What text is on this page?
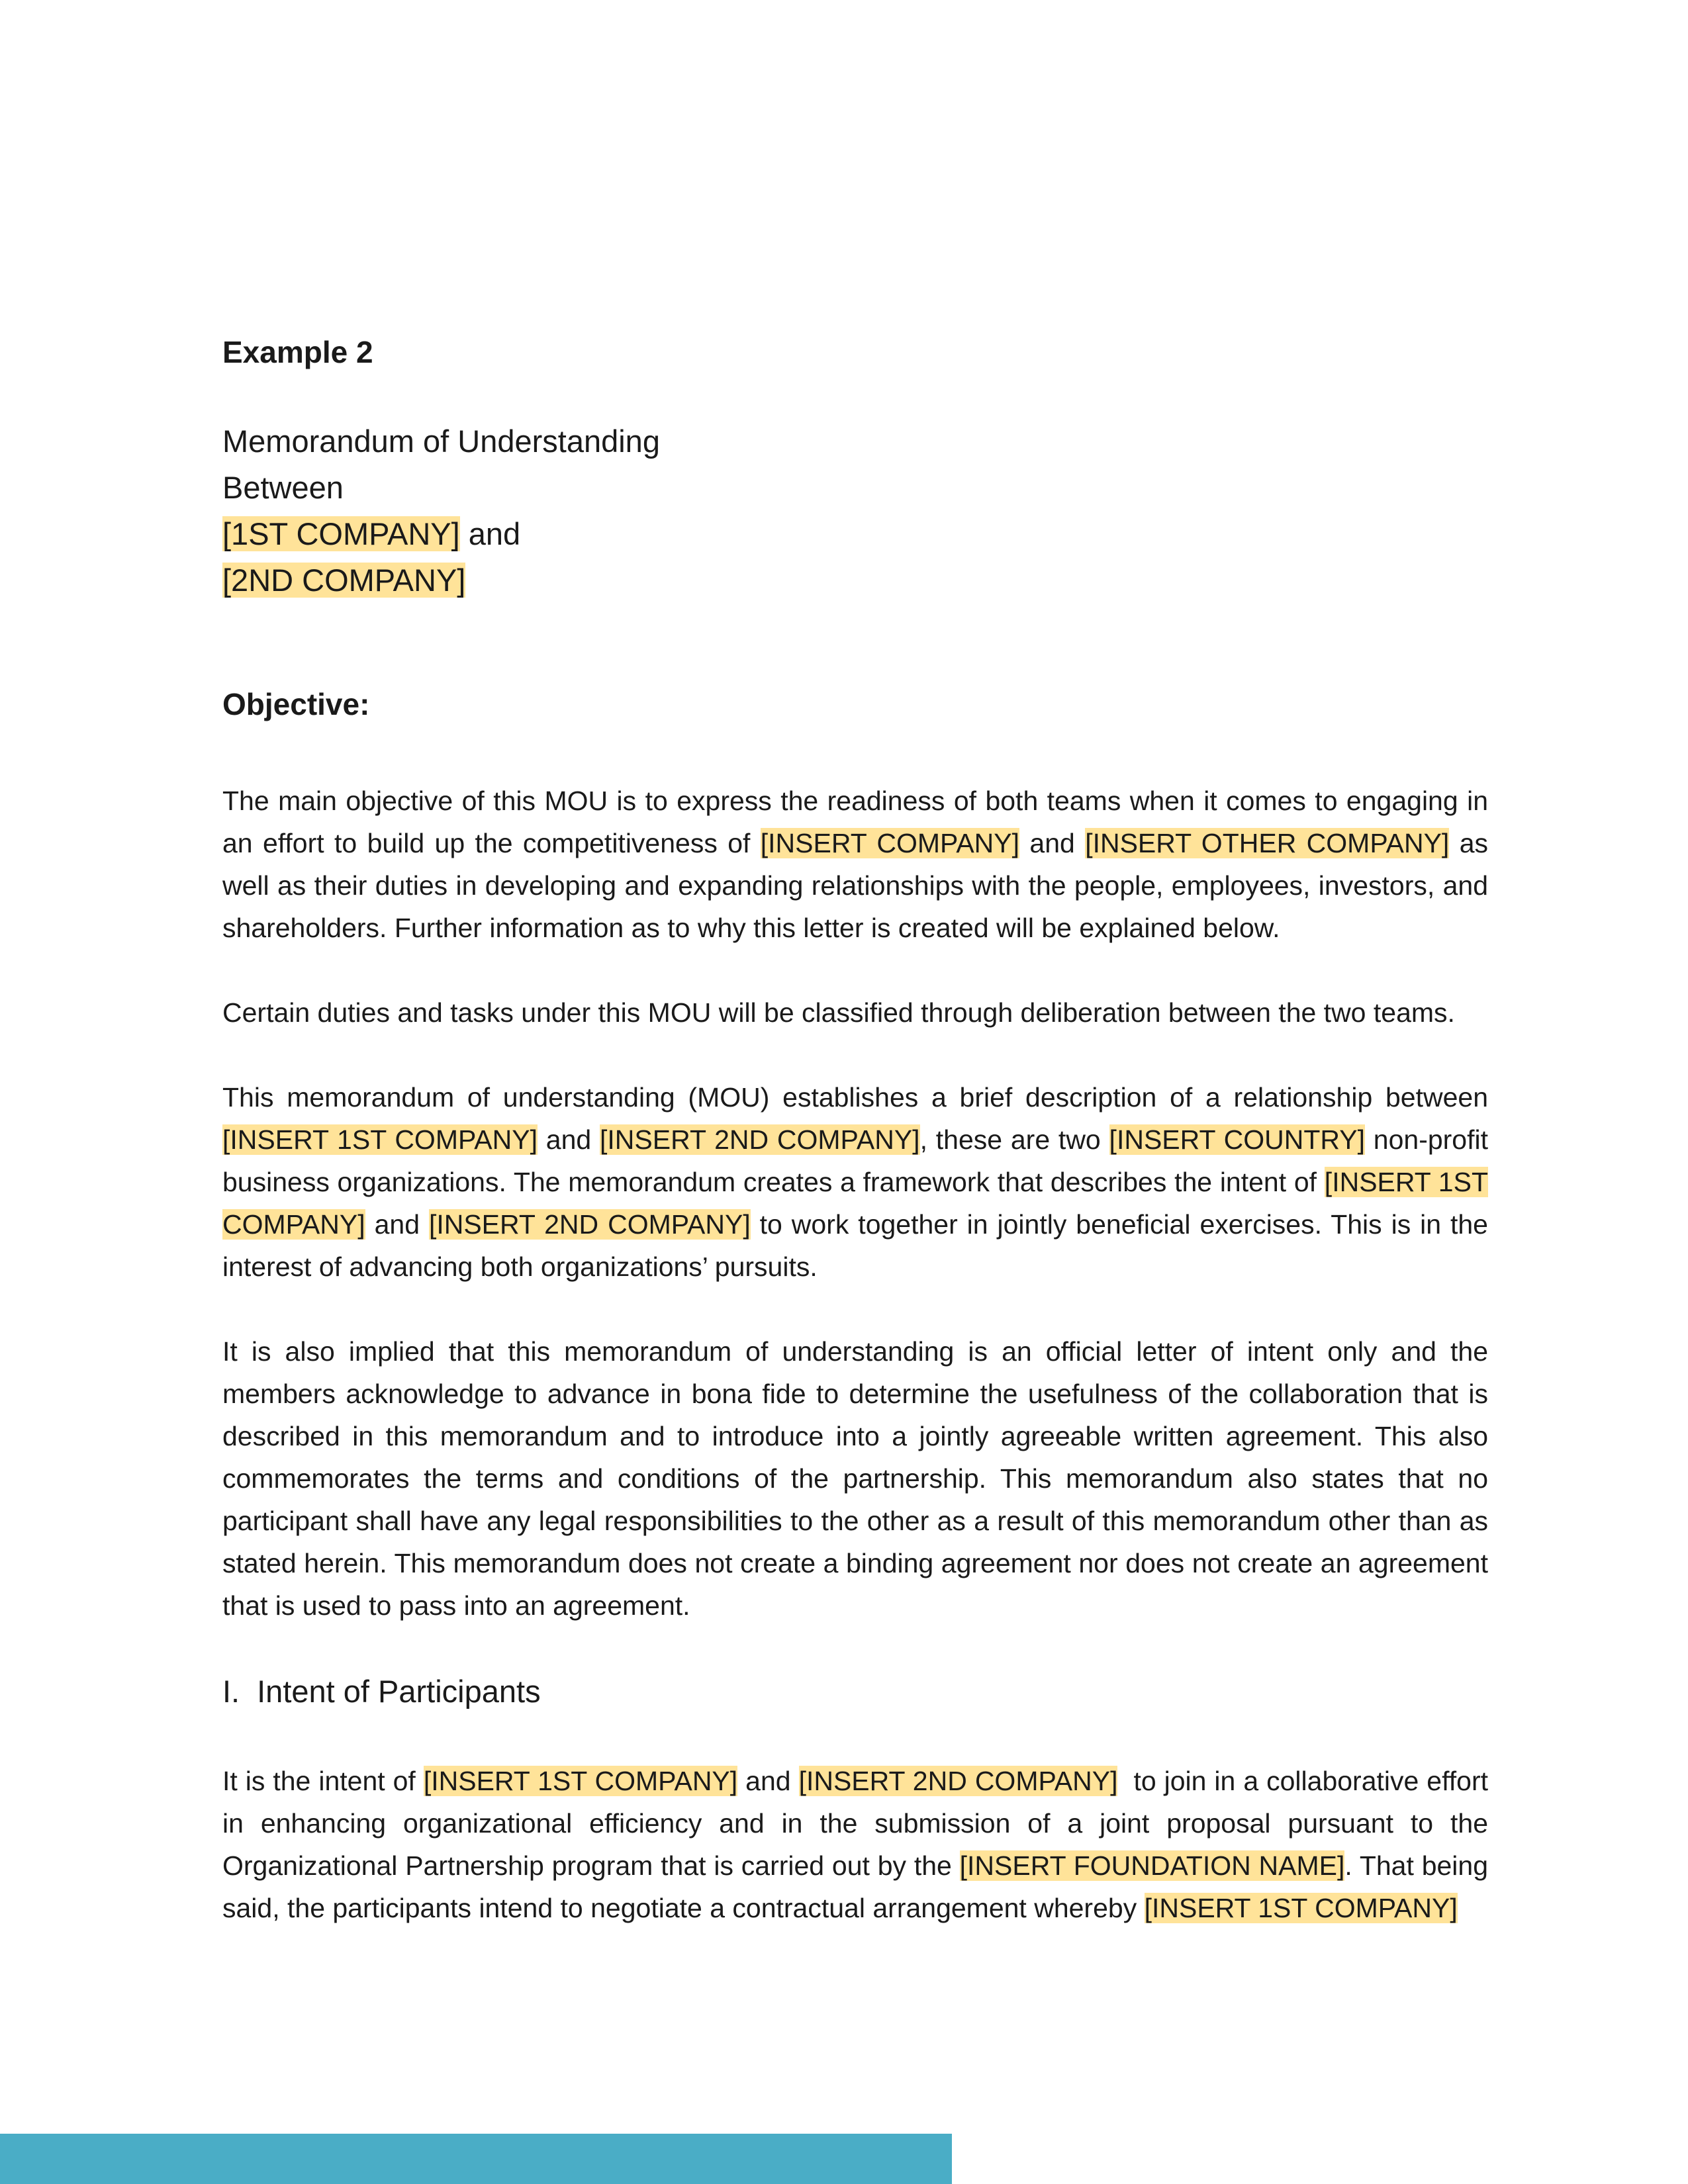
Example 2
Memorandum of Understanding
Between
[1ST COMPANY] and
[2ND COMPANY]
Objective:

The main objective of this MOU is to express the readiness of both teams when it comes to engaging in an effort to build up the competitiveness of [INSERT COMPANY] and [INSERT OTHER COMPANY] as well as their duties in developing and expanding relationships with the people, employees, investors, and shareholders. Further information as to why this letter is created will be explained below.

Certain duties and tasks under this MOU will be classified through deliberation between the two teams.

This memorandum of understanding (MOU) establishes a brief description of a relationship between [INSERT 1ST COMPANY] and [INSERT 2ND COMPANY], these are two [INSERT COUNTRY] non-profit business organizations. The memorandum creates a framework that describes the intent of [INSERT 1ST COMPANY] and [INSERT 2ND COMPANY] to work together in jointly beneficial exercises. This is in the interest of advancing both organizations’ pursuits.

It is also implied that this memorandum of understanding is an official letter of intent only and the members acknowledge to advance in bona fide to determine the usefulness of the collaboration that is described in this memorandum and to introduce into a jointly agreeable written agreement. This also commemorates the terms and conditions of the partnership. This memorandum also states that no participant shall have any legal responsibilities to the other as a result of this memorandum other than as stated herein. This memorandum does not create a binding agreement nor does not create an agreement that is used to pass into an agreement.

I. Intent of Participants

It is the intent of [INSERT 1ST COMPANY] and [INSERT 2ND COMPANY]  to join in a collaborative effort in enhancing organizational efficiency and in the submission of a joint proposal pursuant to the Organizational Partnership program that is carried out by the [INSERT FOUNDATION NAME]. That being said, the participants intend to negotiate a contractual arrangement whereby [INSERT 1ST COMPANY]
